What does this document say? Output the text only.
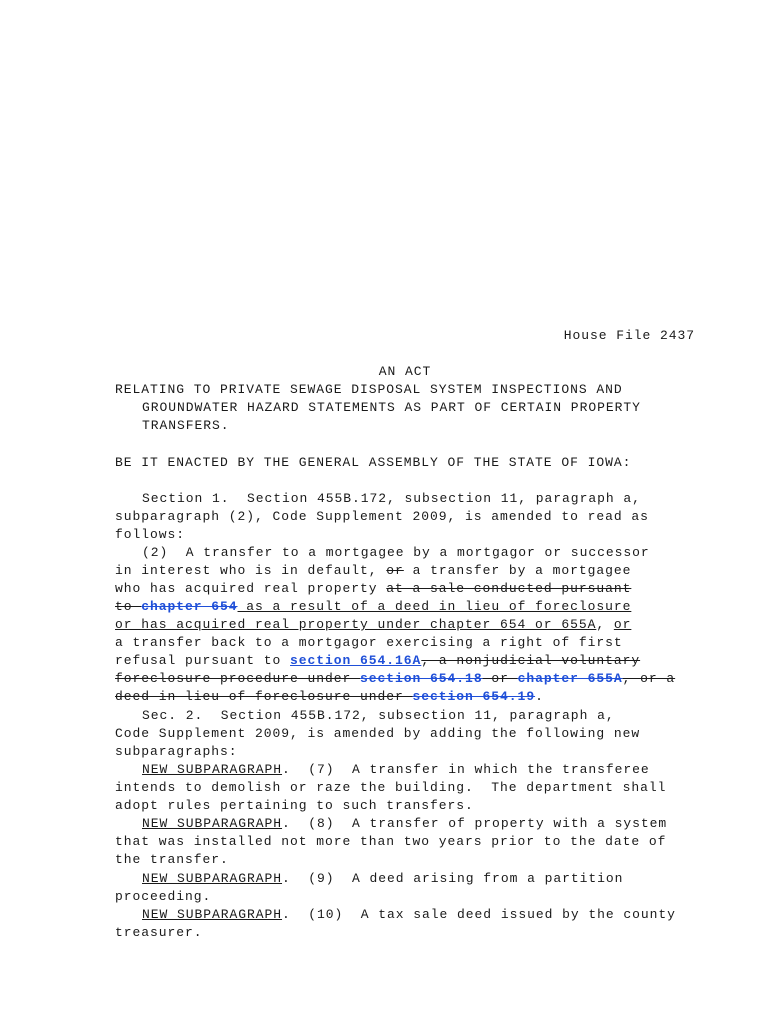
House File 2437
AN ACT
RELATING TO PRIVATE SEWAGE DISPOSAL SYSTEM INSPECTIONS AND
GROUNDWATER HAZARD STATEMENTS AS PART OF CERTAIN PROPERTY
TRANSFERS.
BE IT ENACTED BY THE GENERAL ASSEMBLY OF THE STATE OF IOWA:
Section 1.  Section 455B.172, subsection 11, paragraph a,
subparagraph (2), Code Supplement 2009, is amended to read as
follows:
(2)  A transfer to a mortgagee by a mortgagor or successor
in interest who is in default, or a transfer by a mortgagee
who has acquired real property at a sale conducted pursuant
to chapter 654 as a result of a deed in lieu of foreclosure
or has acquired real property under chapter 654 or 655A, or
a transfer back to a mortgagor exercising a right of first
refusal pursuant to section 654.16A, a nonjudicial voluntary
foreclosure procedure under section 654.18 or chapter 655A, or a
deed in lieu of foreclosure under section 654.19.
Sec. 2.  Section 455B.172, subsection 11, paragraph a,
Code Supplement 2009, is amended by adding the following new
subparagraphs:
NEW SUBPARAGRAPH.  (7)  A transfer in which the transferee
intends to demolish or raze the building.  The department shall
adopt rules pertaining to such transfers.
NEW SUBPARAGRAPH.  (8)  A transfer of property with a system
that was installed not more than two years prior to the date of
the transfer.
NEW SUBPARAGRAPH.  (9)  A deed arising from a partition
proceeding.
NEW SUBPARAGRAPH.  (10)  A tax sale deed issued by the county
treasurer.
